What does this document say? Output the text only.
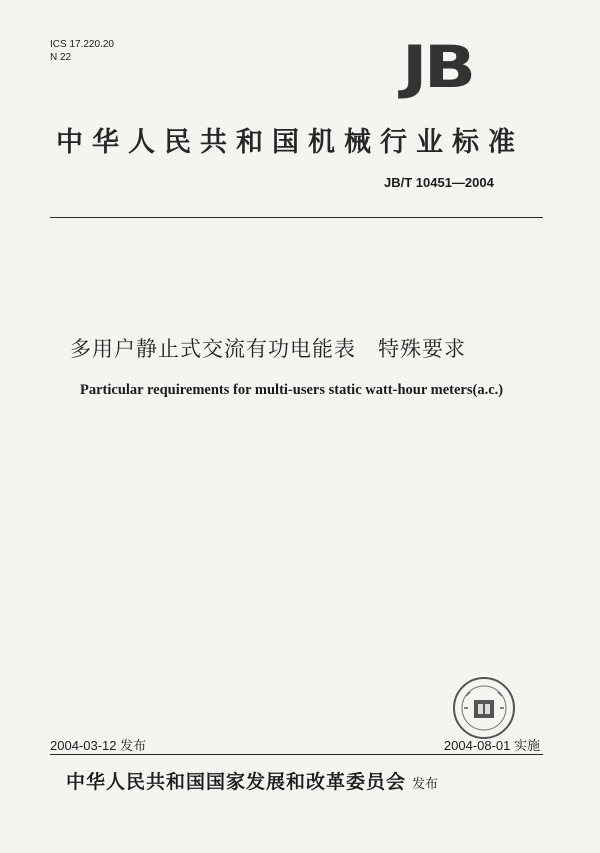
ICS 17.220.20
N 22	JB
中华人民共和国机械行业标准
JB/T 10451—2004
多用户静止式交流有功电能表　特殊要求
Particular requirements for multi-users static watt-hour meters(a.c.)
2004-03-12 发布	2004-08-01 实施
中华人民共和国国家发展和改革委员会 发布
